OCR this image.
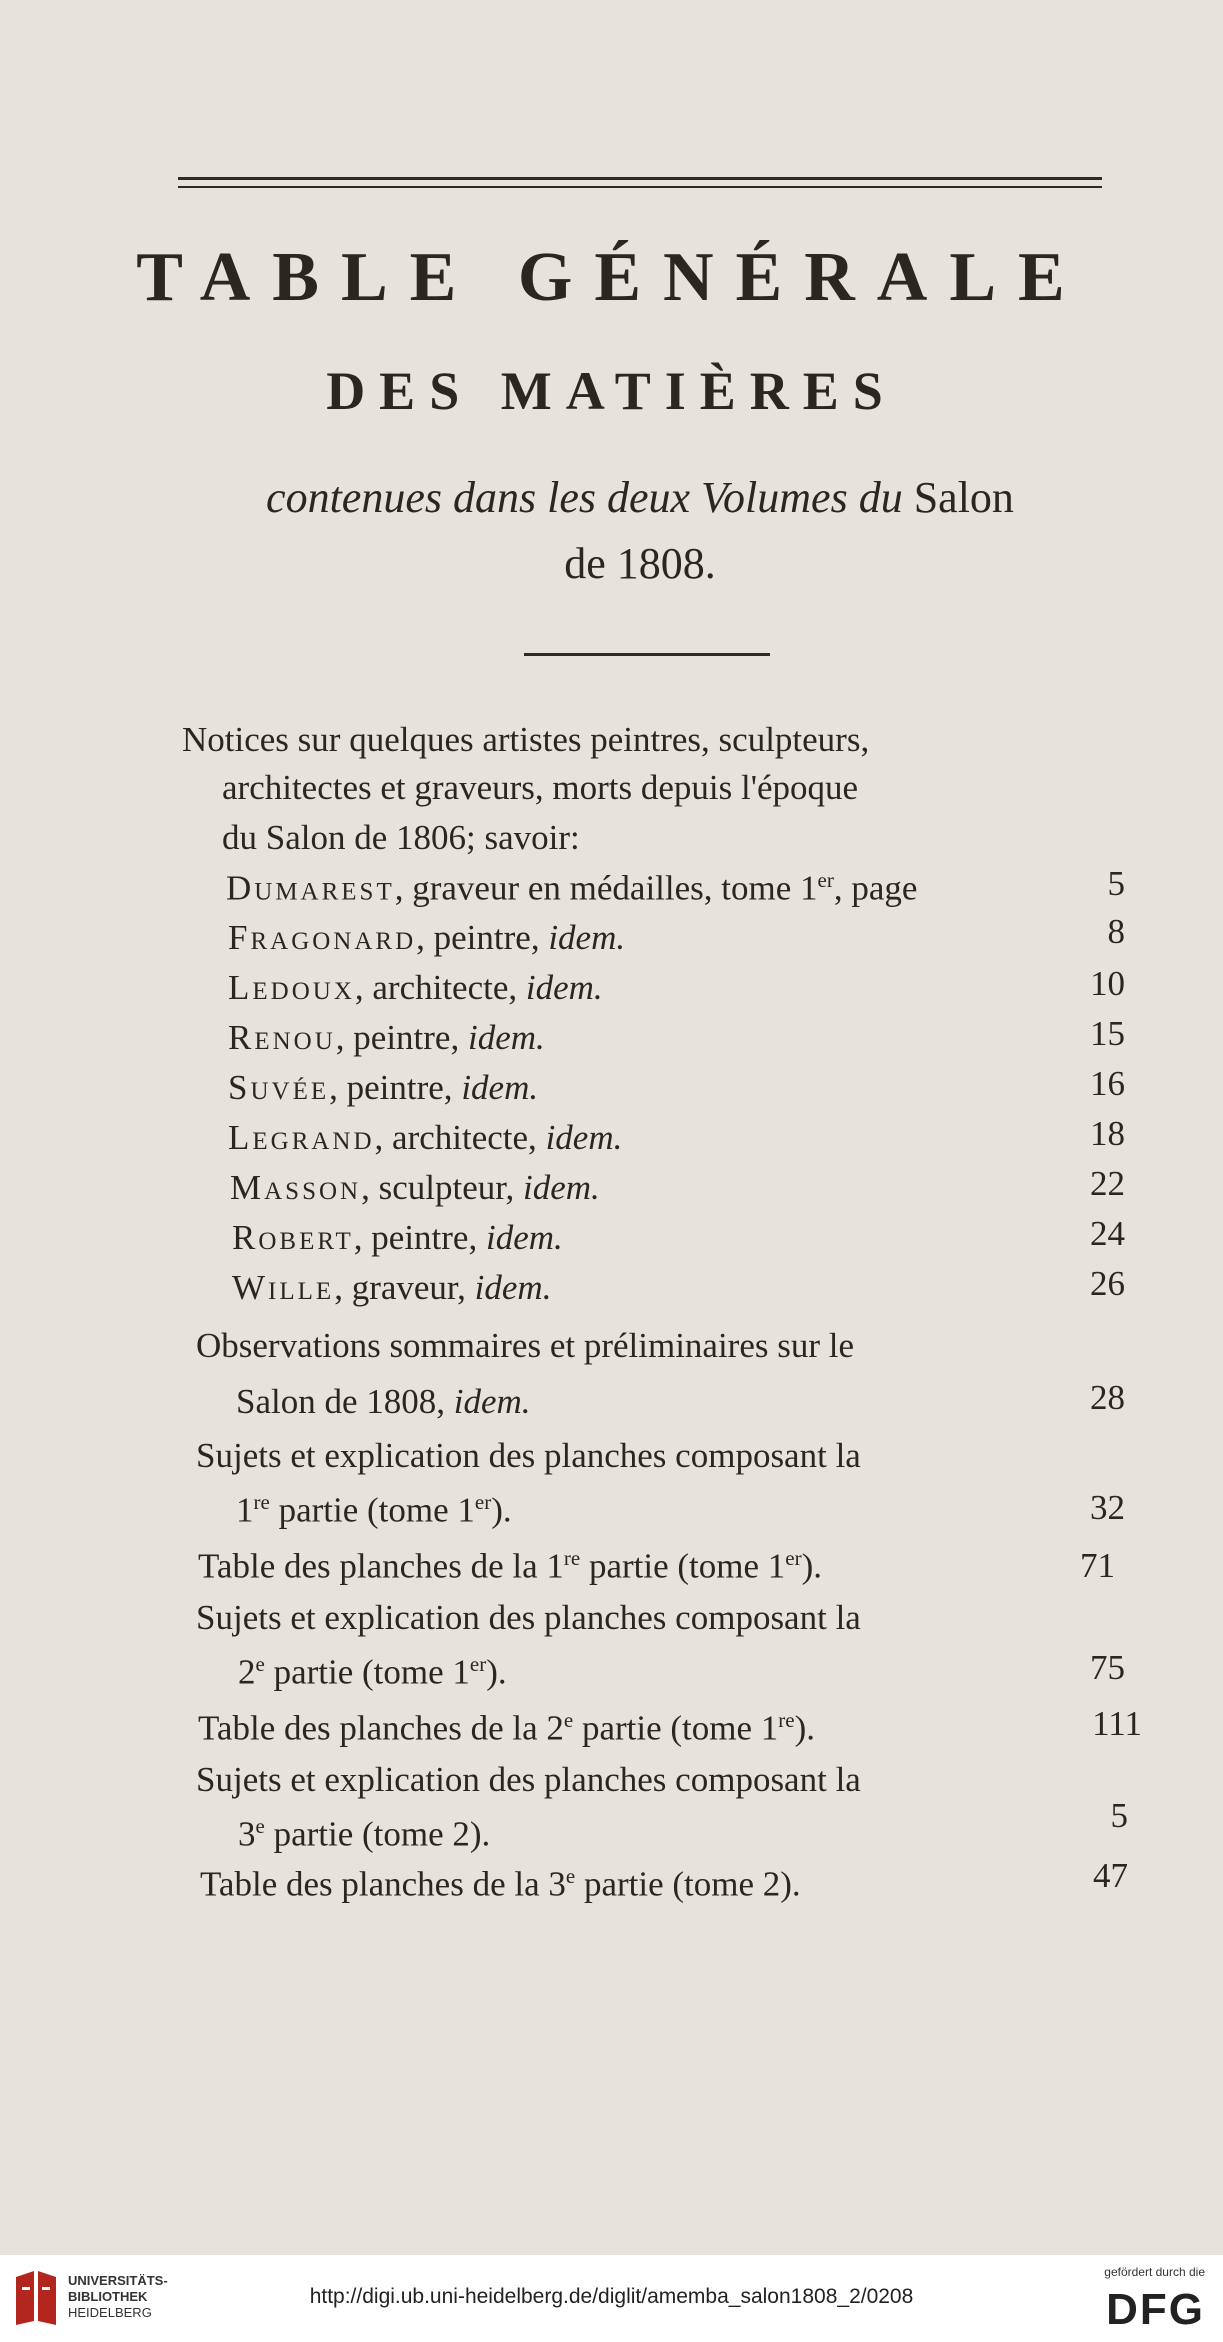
TABLE GÉNÉRALE
DES MATIÈRES
contenues dans les deux Volumes du Salon
de 1808.
Notices sur quelques artistes peintres, sculpteurs,
architectes et graveurs, morts depuis l'époque
du Salon de 1806; savoir:
Dumarest, graveur en médailles, tome 1er, page	5
Fragonard, peintre, idem.	8
Ledoux, architecte, idem.	10
Renou, peintre, idem.	15
Suvée, peintre, idem.	16
Legrand, architecte, idem.	18
Masson, sculpteur, idem.	22
Robert, peintre, idem.	24
Wille, graveur, idem.	26
Observations sommaires et préliminaires sur le
Salon de 1808, idem.	28
Sujets et explication des planches composant la
1re partie (tome 1er).	32
Table des planches de la 1re partie (tome 1er).	71
Sujets et explication des planches composant la
2e partie (tome 1er).	75
Table des planches de la 2e partie (tome 1re).	111
Sujets et explication des planches composant la
3e partie (tome 2).	5
Table des planches de la 3e partie (tome 2).	47
UNIVERSITÄTS-
BIBLIOTHEK
HEIDELBERG
http://digi.ub.uni-heidelberg.de/diglit/amemba_salon1808_2/0208
gefördert durch die
DFG
